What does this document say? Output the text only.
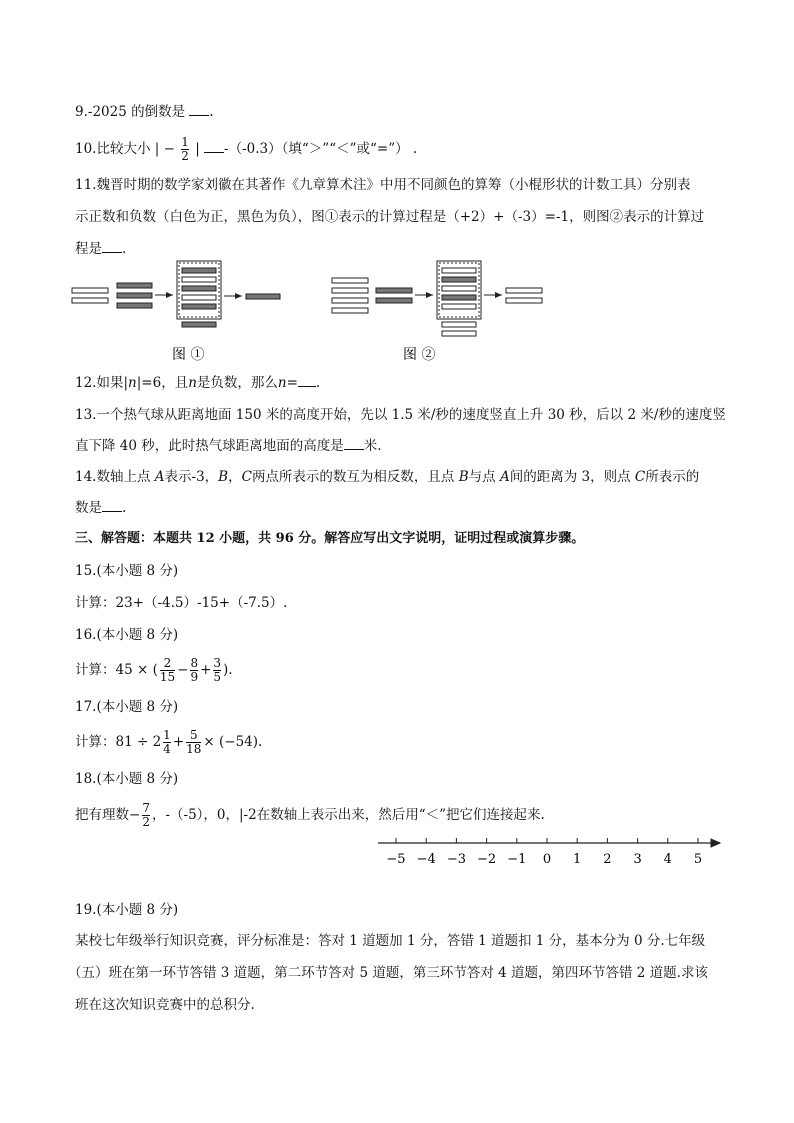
9.-2025 的倒数是 .
10.比较大小 | − $\frac{1}{2}$ | -（-0.3）（填“＞”“＜”或“=”） .
11.魏晋时期的数学家刘徽在其著作《九章算术注》中用不同颜色的算筹（小棍形状的计数工具）分别表
示正数和负数（白色为正，黑色为负），图①表示的计算过程是（+2）+（-3）=-1，则图②表示的计算过
程是 .
图 ①	图 ②
12.如果|n|=6，且n是负数，那么n= .
13.一个热气球从距离地面 150 米的高度开始，先以 1.5 米/秒的速度竖直上升 30 秒，后以 2 米/秒的速度竖
直下降 40 秒，此时热气球距离地面的高度是 米.
14.数轴上点 A表示-3，B，C两点所表示的数互为相反数，且点 B与点 A间的距离为 3，则点 C所表示的
数是 .
三、解答题：本题共 12 小题，共 96 分。解答应写出文字说明，证明过程或演算步骤。
15.(本小题 8 分)
计算：23+（-4.5）-15+（-7.5）.
16.(本小题 8 分)
计算：45 × ( $\frac{2}{15} - \frac{8}{9} + \frac{3}{5}$ ).
17.(本小题 8 分)
计算：$81 \div 2 \frac{1}{4} + \frac{5}{18} \times (-54)$.
18.(本小题 8 分)
把有理数− $\frac{7}{2}$ ，-（-5），0，|-2在数轴上表示出来，然后用“＜”把它们连接起来.
−5 −4 −3 −2 −1 0 1 2 3 4 5
19.(本小题 8 分)
某校七年级举行知识竞赛，评分标准是：答对 1 道题加 1 分，答错 1 道题扣 1 分，基本分为 0 分.七年级
（五）班在第一环节答错 3 道题，第二环节答对 5 道题，第三环节答对 4 道题，第四环节答错 2 道题.求该
班在这次知识竞赛中的总积分.
